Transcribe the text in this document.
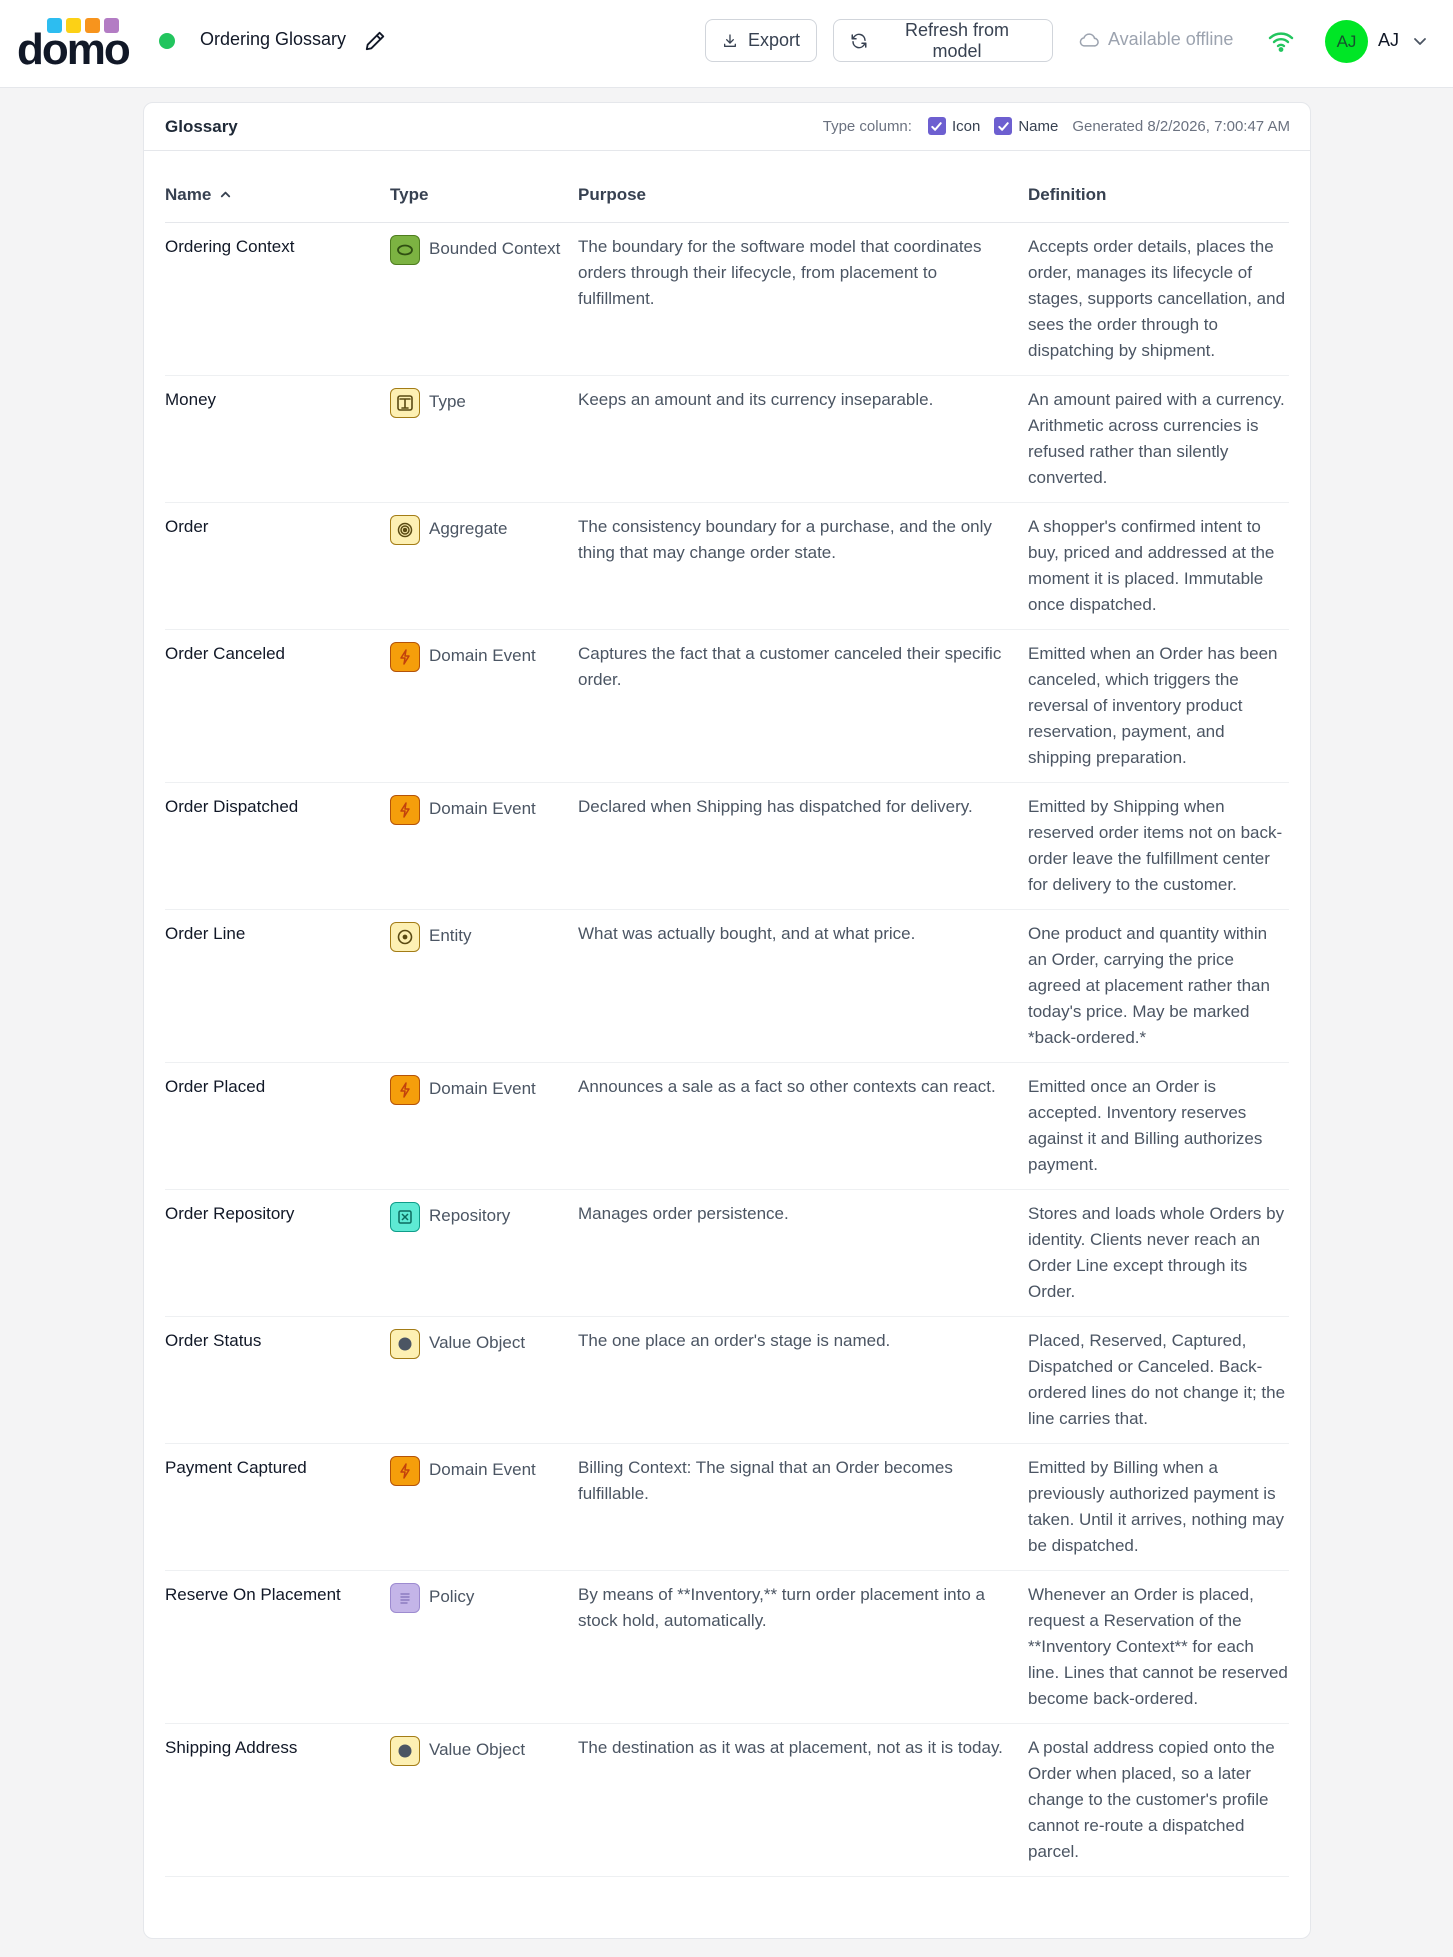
domo	Ordering Glossary	Export
Refresh from model
Available offline	AJ	AJ
Glossary	Type column:	Icon	Name Generated 8/2/2026, 7:00:47 AM
Name	Type	Purpose	Definition
Ordering Context	Bounded Context	The boundary for the software model that coordinates orders through their lifecycle, from placement to fulfillment.	Accepts order details, places the order, manages its lifecycle of stages, supports cancellation, and sees the order through to dispatching by shipment.
Money	Type	Keeps an amount and its currency inseparable.	An amount paired with a currency. Arithmetic across currencies is refused rather than silently converted.
Order	Aggregate	The consistency boundary for a purchase, and the only thing that may change order state.	A shopper's confirmed intent to buy, priced and addressed at the moment it is placed. Immutable once dispatched.
Order Canceled	Domain Event	Captures the fact that a customer canceled their specific order.	Emitted when an Order has been canceled, which triggers the reversal of inventory product reservation, payment, and shipping preparation.
Order Dispatched	Domain Event	Declared when Shipping has dispatched for delivery.	Emitted by Shipping when reserved order items not on back-order leave the fulfillment center for delivery to the customer.
Order Line	Entity	What was actually bought, and at what price.	One product and quantity within an Order, carrying the price agreed at placement rather than today's price. May be marked *back-ordered.*
Order Placed	Domain Event	Announces a sale as a fact so other contexts can react.	Emitted once an Order is accepted. Inventory reserves against it and Billing authorizes payment.
Order Repository	Repository	Manages order persistence.	Stores and loads whole Orders by identity. Clients never reach an Order Line except through its Order.
Order Status	Value Object	The one place an order's stage is named.	Placed, Reserved, Captured, Dispatched or Canceled. Back-ordered lines do not change it; the line carries that.
Payment Captured	Domain Event	Billing Context: The signal that an Order becomes fulfillable.	Emitted by Billing when a previously authorized payment is taken. Until it arrives, nothing may be dispatched.
Reserve On Placement	Policy	By means of **Inventory,** turn order placement into a stock hold, automatically.	Whenever an Order is placed, request a Reservation of the **Inventory Context** for each line. Lines that cannot be reserved become back-ordered.
Shipping Address	Value Object	The destination as it was at placement, not as it is today.	A postal address copied onto the Order when placed, so a later change to the customer's profile cannot re-route a dispatched parcel.
